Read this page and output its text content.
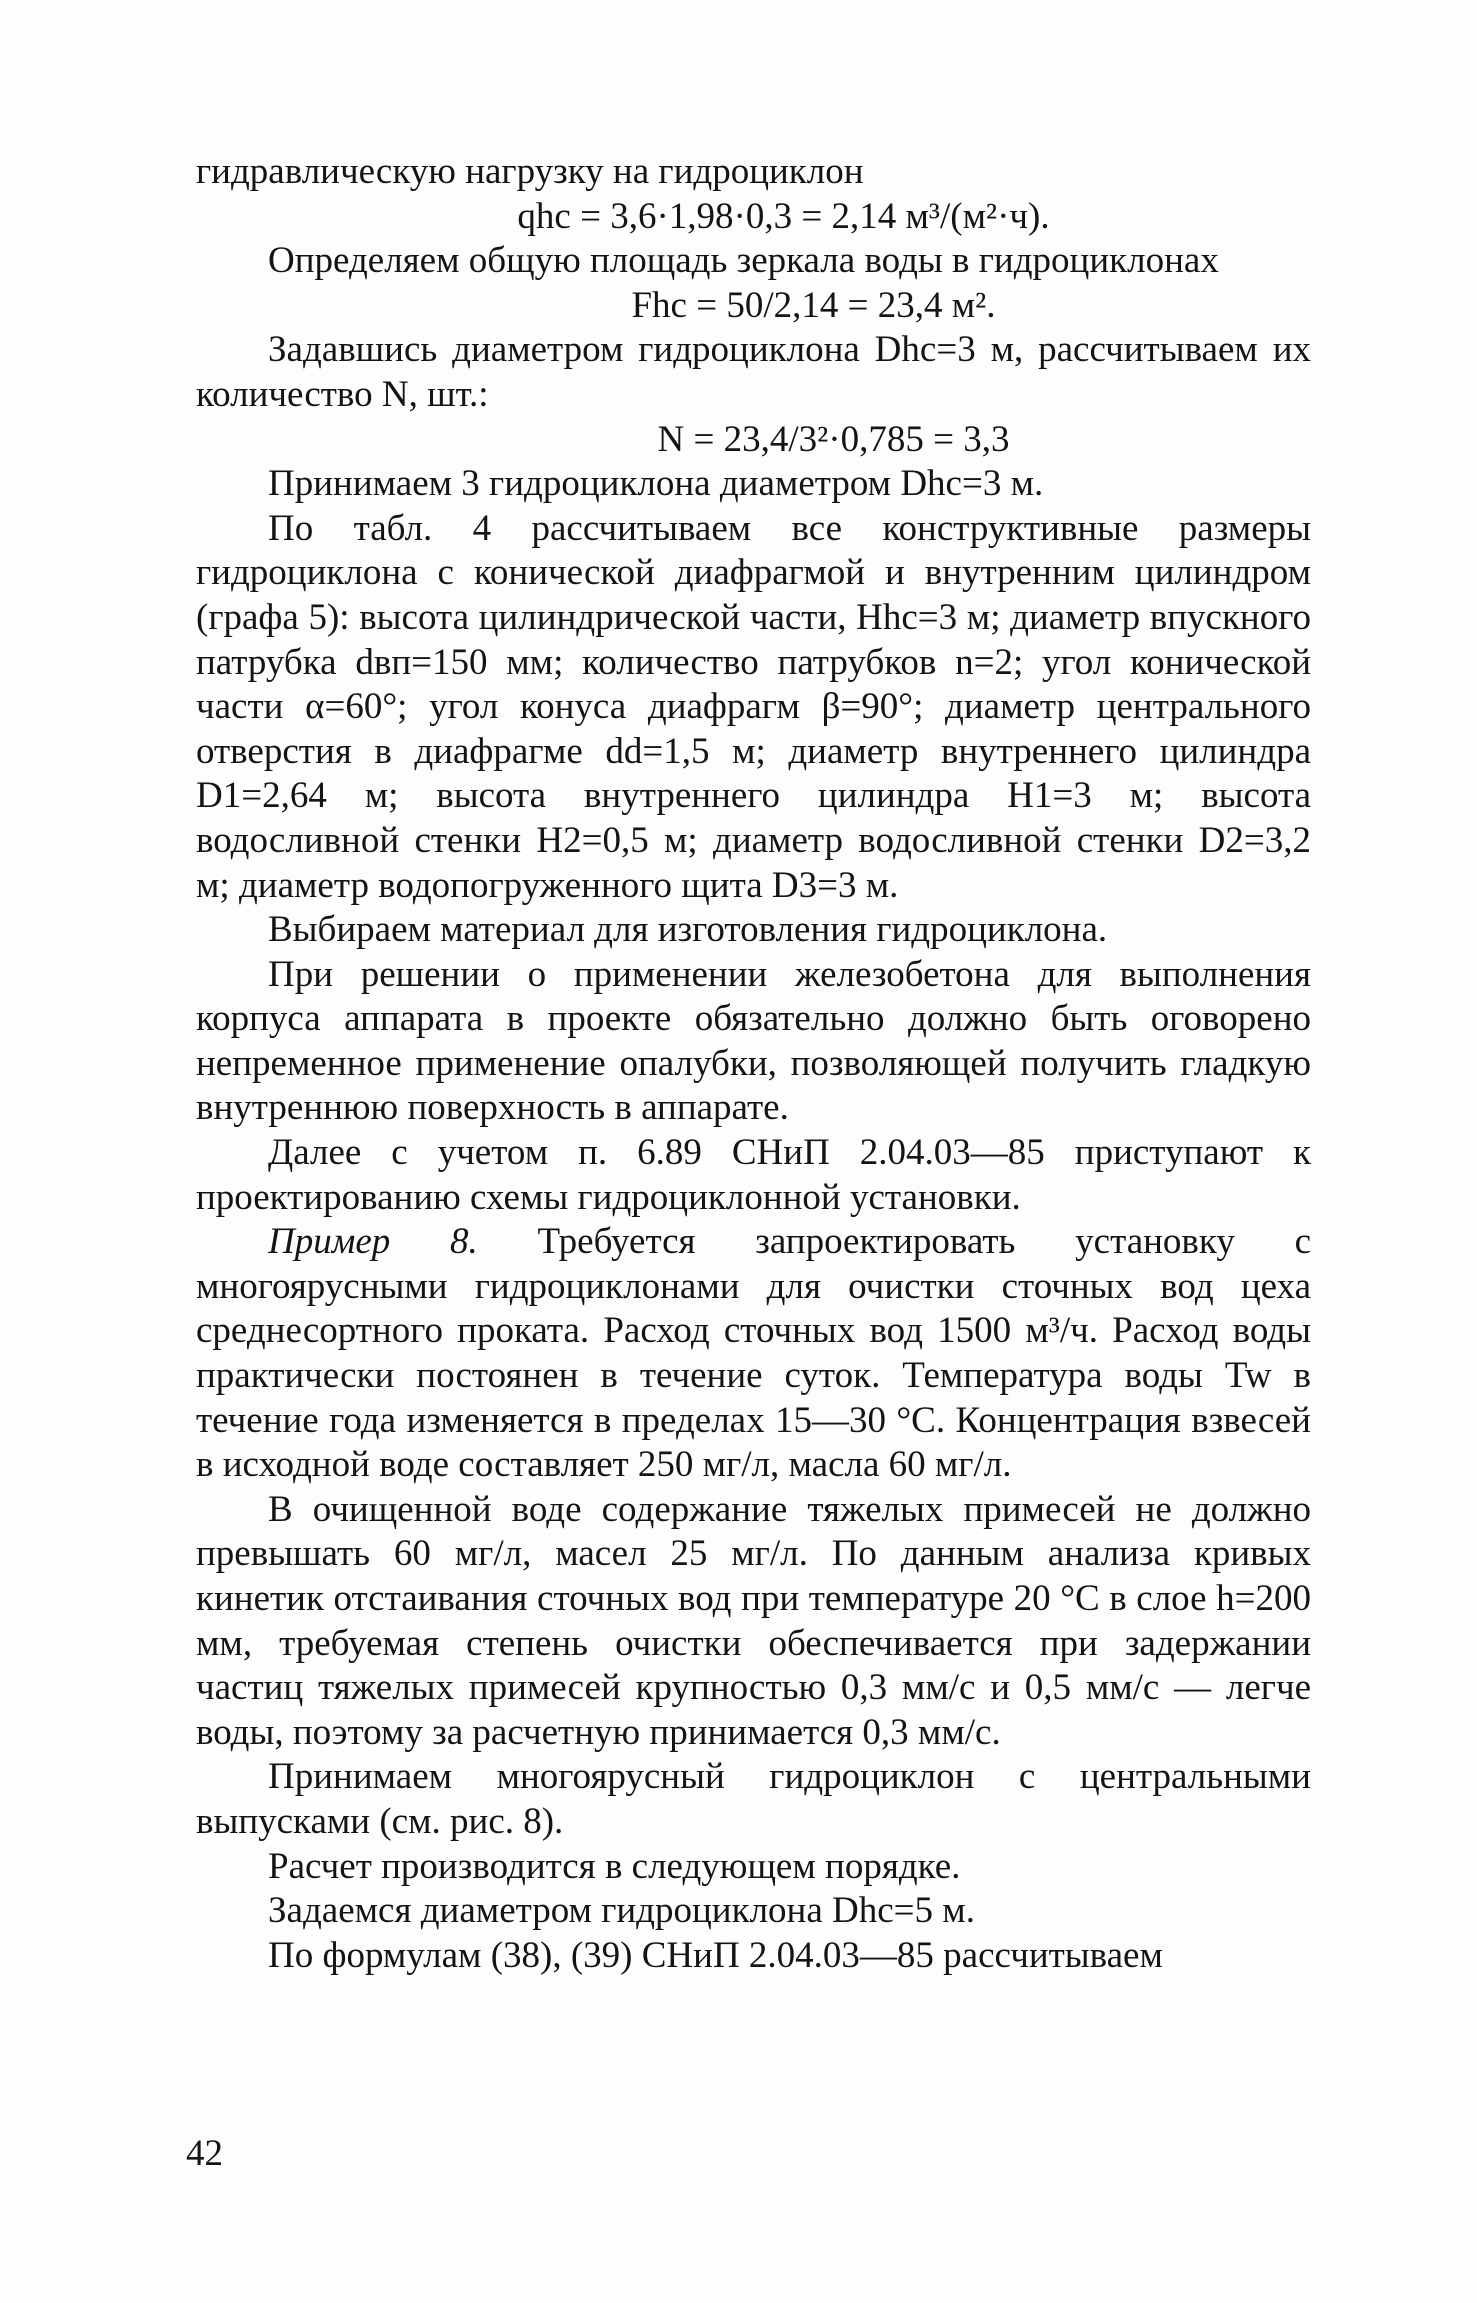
гидравлическую нагрузку на гидроциклон

qhc = 3,6·1,98·0,3 = 2,14 м³/(м²·ч).

Определяем общую площадь зеркала воды в гидроциклонах

Fhc = 50/2,14 = 23,4 м².

Задавшись диаметром гидроциклона Dhc=3 м, рассчитываем их количество N, шт.:

N = 23,4/3²·0,785 = 3,3

Принимаем 3 гидроциклона диаметром Dhc=3 м.

По табл. 4 рассчитываем все конструктивные размеры гидроциклона с конической диафрагмой и внутренним цилиндром (графа 5): высота цилиндрической части, Hhc=3 м; диаметр впускного патрубка dвп=150 мм; количество патрубков n=2; угол конической части α=60°; угол конуса диафрагм β=90°; диаметр центрального отверстия в диафрагме dd=1,5 м; диаметр внутреннего цилиндра D1=2,64 м; высота внутреннего цилиндра H1=3 м; высота водосливной стенки H2=0,5 м; диаметр водосливной стенки D2=3,2 м; диаметр водопогруженного щита D3=3 м.

Выбираем материал для изготовления гидроциклона.

При решении о применении железобетона для выполнения корпуса аппарата в проекте обязательно должно быть оговорено непременное применение опалубки, позволяющей получить гладкую внутреннюю поверхность в аппарате.

Далее с учетом п. 6.89 СНиП 2.04.03—85 приступают к проектированию схемы гидроциклонной установки.

Пример 8. Требуется запроектировать установку с многоярусными гидроциклонами для очистки сточных вод цеха среднесортного проката. Расход сточных вод 1500 м³/ч. Расход воды практически постоянен в течение суток. Температура воды Tw в течение года изменяется в пределах 15—30 °С. Концентрация взвесей в исходной воде составляет 250 мг/л, масла 60 мг/л.

В очищенной воде содержание тяжелых примесей не должно превышать 60 мг/л, масел 25 мг/л. По данным анализа кривых кинетик отстаивания сточных вод при температуре 20 °С в слое h=200 мм, требуемая степень очистки обеспечивается при задержании частиц тяжелых примесей крупностью 0,3 мм/с и 0,5 мм/с — легче воды, поэтому за расчетную принимается 0,3 мм/с.

Принимаем многоярусный гидроциклон с центральными выпусками (см. рис. 8).

Расчет производится в следующем порядке.

Задаемся диаметром гидроциклона Dhc=5 м.

По формулам (38), (39) СНиП 2.04.03—85 рассчитываем

42
